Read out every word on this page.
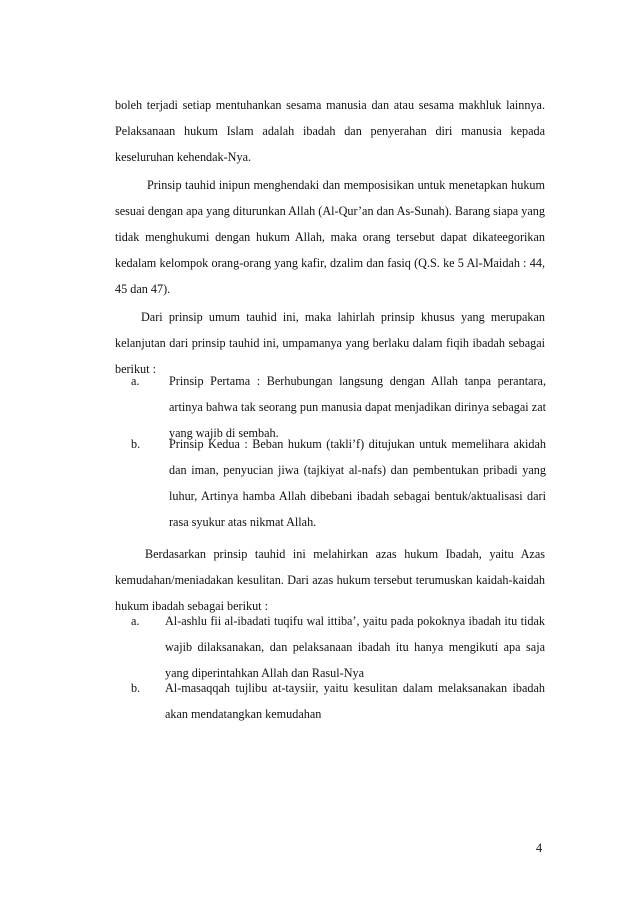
boleh terjadi setiap mentuhankan sesama manusia dan atau sesama makhluk lainnya. Pelaksanaan hukum Islam adalah ibadah dan penyerahan diri manusia kepada keseluruhan kehendak-Nya.
Prinsip tauhid inipun menghendaki dan memposisikan untuk menetapkan hukum sesuai dengan apa yang diturunkan Allah (Al-Qur’an dan As-Sunah). Barang siapa yang tidak menghukumi dengan hukum Allah, maka orang tersebut dapat dikateegorikan kedalam kelompok orang-orang yang kafir, dzalim dan fasiq (Q.S. ke 5 Al-Maidah : 44, 45 dan 47).
Dari prinsip umum tauhid ini, maka lahirlah prinsip khusus yang merupakan kelanjutan dari prinsip tauhid ini, umpamanya yang berlaku dalam fiqih ibadah sebagai berikut :
a. Prinsip Pertama : Berhubungan langsung dengan Allah tanpa perantara, artinya bahwa tak seorang pun manusia dapat menjadikan dirinya sebagai zat yang wajib di sembah.
b. Prinsip Kedua : Beban hukum (takli’f) ditujukan untuk memelihara akidah dan iman, penyucian jiwa (tajkiyat al-nafs) dan pembentukan pribadi yang luhur, Artinya hamba Allah dibebani ibadah sebagai bentuk/aktualisasi dari rasa syukur atas nikmat Allah.
Berdasarkan prinsip tauhid ini melahirkan azas hukum Ibadah, yaitu Azas kemudahan/meniadakan kesulitan. Dari azas hukum tersebut terumuskan kaidah-kaidah hukum ibadah sebagai berikut :
a. Al-ashlu fii al-ibadati tuqifu wal ittiba’, yaitu pada pokoknya ibadah itu tidak wajib dilaksanakan, dan pelaksanaan ibadah itu hanya mengikuti apa saja yang diperintahkan Allah dan Rasul-Nya
b. Al-masaqqah tujlibu at-taysiir, yaitu kesulitan dalam melaksanakan ibadah akan mendatangkan kemudahan
4
